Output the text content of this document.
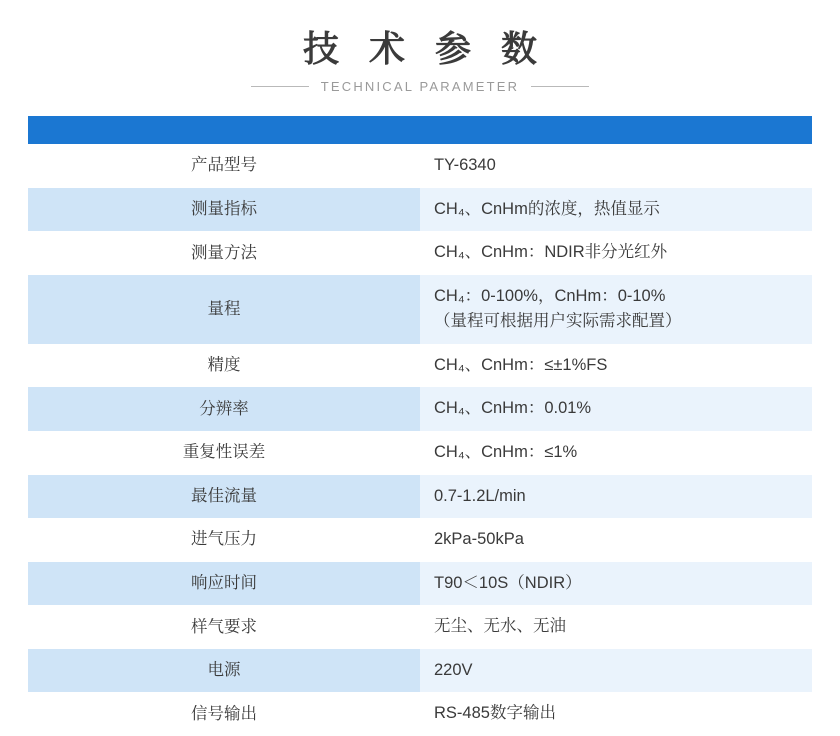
技 术 参 数
TECHNICAL PARAMETER

产品型号	TY-6340

测量指标	CH₄、CnHm的浓度，热值显示

测量方法	CH₄、CnHm：NDIR非分光红外

量程	CH₄：0-100%，CnHm：0-10%
（量程可根据用户实际需求配置）

精度	CH₄、CnHm：≤±1%FS

分辨率	CH₄、CnHm：0.01%

重复性误差	CH₄、CnHm：≤1%

最佳流量	0.7-1.2L/min

进气压力	2kPa-50kPa

响应时间	T90＜10S（NDIR）

样气要求	无尘、无水、无油

电源	220V

信号输出	RS-485数字输出
